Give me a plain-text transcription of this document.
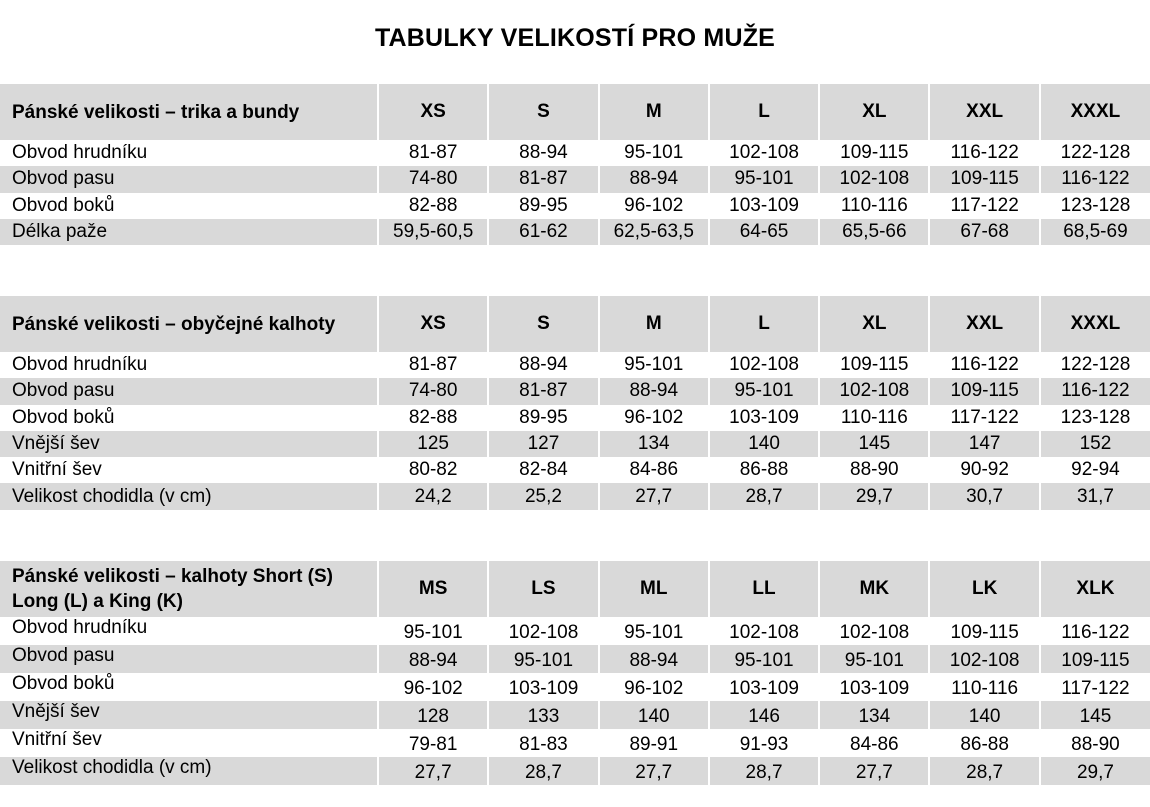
TABULKY VELIKOSTÍ PRO MUŽE
Pánské velikosti – trika a bundy	XS	S	M	L	XL	XXL	XXXL
Obvod hrudníku	81-87	88-94	95-101	102-108	109-115	116-122	122-128
Obvod pasu	74-80	81-87	88-94	95-101	102-108	109-115	116-122
Obvod boků	82-88	89-95	96-102	103-109	110-116	117-122	123-128
Délka paže	59,5-60,5	61-62	62,5-63,5	64-65	65,5-66	67-68	68,5-69
Pánské velikosti – obyčejné kalhoty	XS	S	M	L	XL	XXL	XXXL
Obvod hrudníku	81-87	88-94	95-101	102-108	109-115	116-122	122-128
Obvod pasu	74-80	81-87	88-94	95-101	102-108	109-115	116-122
Obvod boků	82-88	89-95	96-102	103-109	110-116	117-122	123-128
Vnější šev	125	127	134	140	145	147	152
Vnitřní šev	80-82	82-84	84-86	86-88	88-90	90-92	92-94
Velikost chodidla (v cm)	24,2	25,2	27,7	28,7	29,7	30,7	31,7
Pánské velikosti – kalhoty Short (S)
Long (L) a King (K)	MS	LS	ML	LL	MK	LK	XLK
Obvod hrudníku	95-101	102-108	95-101	102-108	102-108	109-115	116-122
Obvod pasu	88-94	95-101	88-94	95-101	95-101	102-108	109-115
Obvod boků	96-102	103-109	96-102	103-109	103-109	110-116	117-122
Vnější šev	128	133	140	146	134	140	145
Vnitřní šev	79-81	81-83	89-91	91-93	84-86	86-88	88-90
Velikost chodidla (v cm)	27,7	28,7	27,7	28,7	27,7	28,7	29,7
